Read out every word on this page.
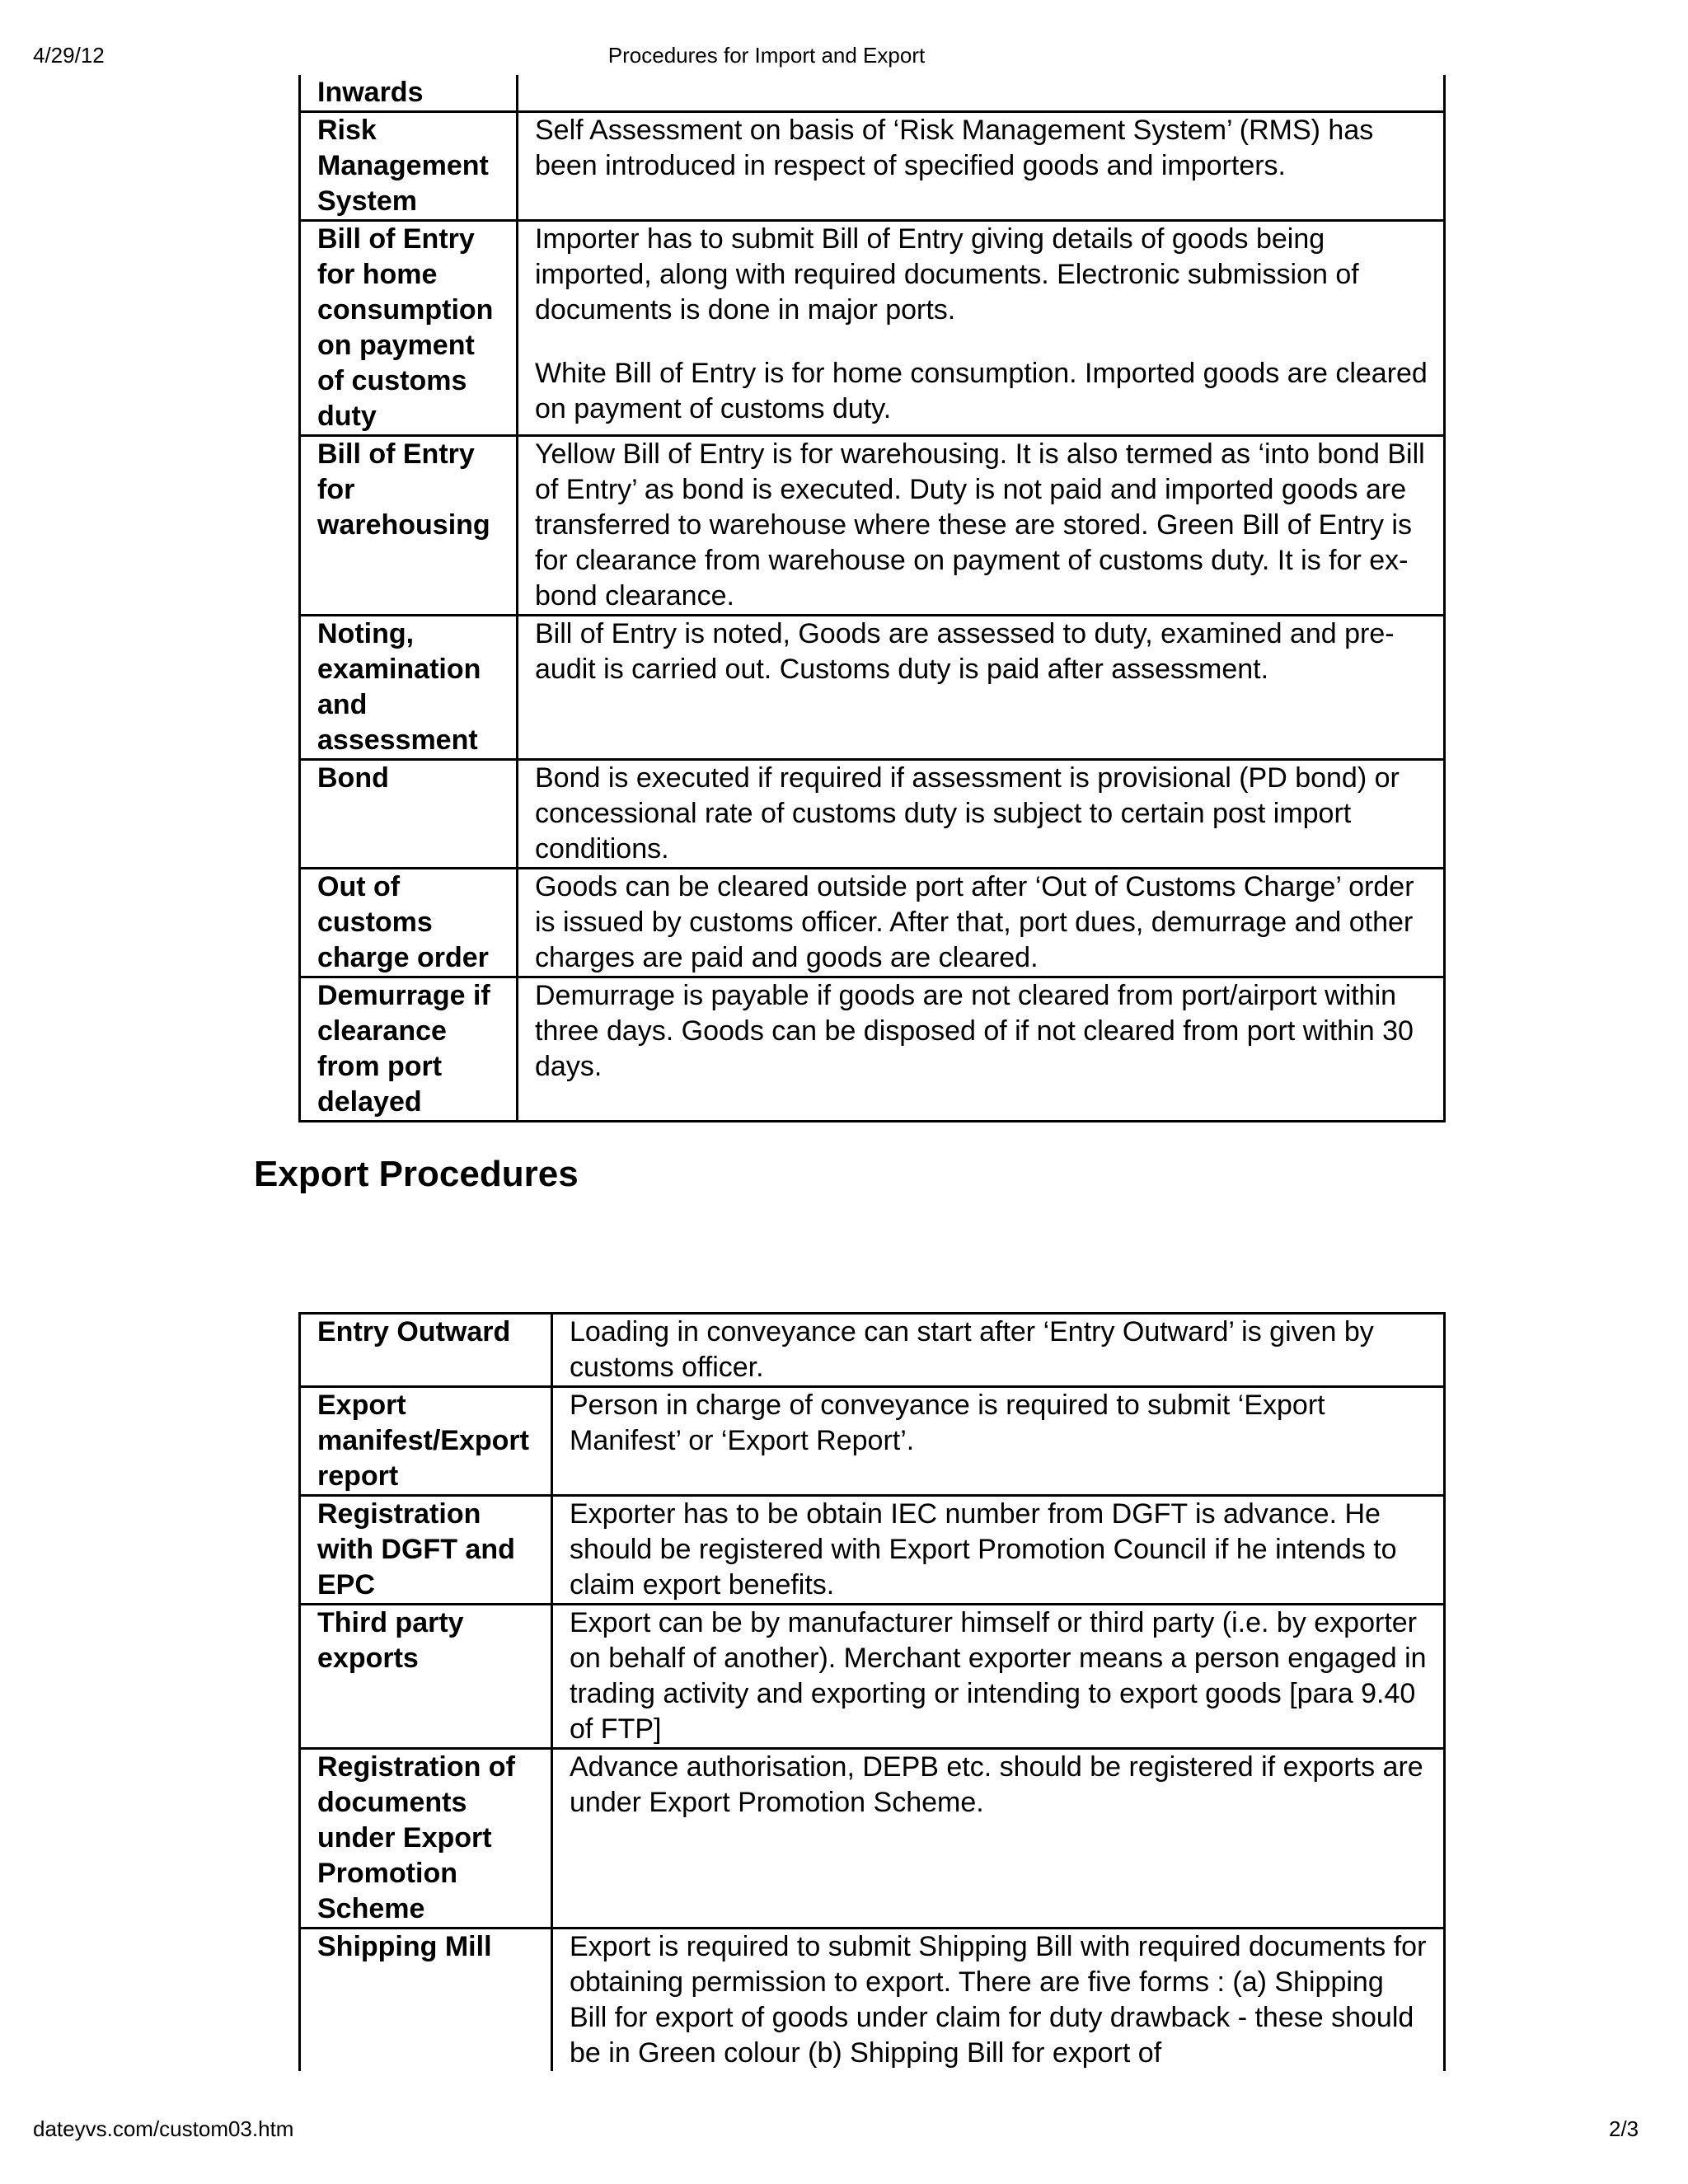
4/29/12	Procedures for Import and Export
Inwards	

Risk Management System	Self Assessment on basis of ‘Risk Management System’ (RMS) has been introduced in respect of specified goods and importers.

Bill of Entry for home consumption on payment of customs duty	Importer has to submit Bill of Entry giving details of goods being imported, along with required documents. Electronic submission of documents is done in major ports.

White Bill of Entry is for home consumption. Imported goods are cleared on payment of customs duty.

Bill of Entry for warehousing	Yellow Bill of Entry is for warehousing. It is also termed as ‘into bond Bill of Entry’ as bond is executed. Duty is not paid and imported goods are transferred to warehouse where these are stored. Green Bill of Entry is for clearance from warehouse on payment of customs duty. It is for ex-bond clearance.

Noting, examination and assessment	Bill of Entry is noted, Goods are assessed to duty, examined and pre-audit is carried out. Customs duty is paid after assessment.

Bond	Bond is executed if required if assessment is provisional (PD bond) or concessional rate of customs duty is subject to certain post import conditions.

Out of customs charge order	Goods can be cleared outside port after ‘Out of Customs Charge’ order is issued by customs officer. After that, port dues, demurrage and other charges are paid and goods are cleared.

Demurrage if clearance from port delayed	Demurrage is payable if goods are not cleared from port/airport within three days. Goods can be disposed of if not cleared from port within 30 days.

Export Procedures
Entry Outward	Loading in conveyance can start after ‘Entry Outward’ is given by customs officer.

Export manifest/Export report	Person in charge of conveyance is required to submit ‘Export Manifest’ or ‘Export Report’.

Registration with DGFT and EPC	Exporter has to be obtain IEC number from DGFT is advance. He should be registered with Export Promotion Council if he intends to claim export benefits.

Third party exports	Export can be by manufacturer himself or third party (i.e. by exporter on behalf of another). Merchant exporter means a person engaged in trading activity and exporting or intending to export goods [para 9.40 of FTP]

Registration of documents under Export Promotion Scheme	Advance authorisation, DEPB etc. should be registered if exports are under Export Promotion Scheme.

Shipping Mill	Export is required to submit Shipping Bill with required documents for obtaining permission to export. There are five forms : (a) Shipping Bill for export of goods under claim for duty drawback - these should be in Green colour (b) Shipping Bill for export of

dateyvs.com/custom03.htm	2/3
